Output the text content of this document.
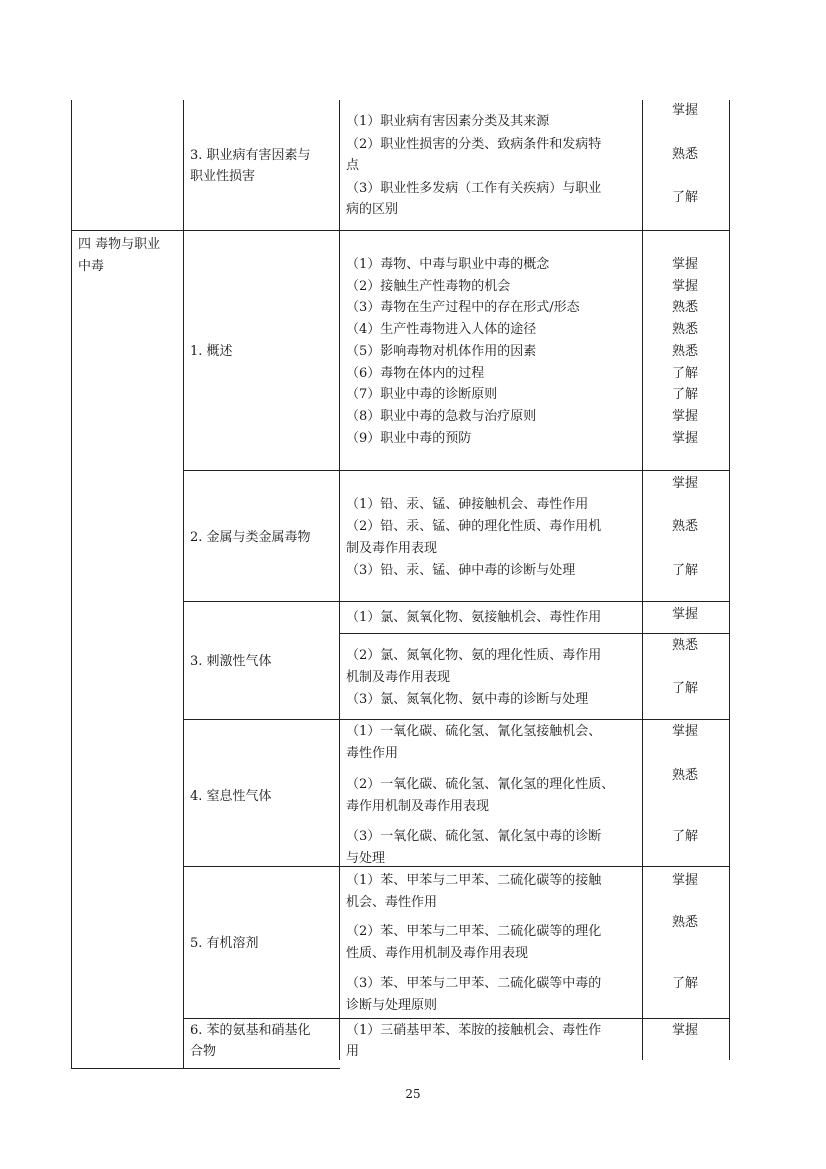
3. 职业病有害因素与
职业性损害
（1）职业病有害因素分类及其来源
（2）职业性损害的分类、致病条件和发病特
点
（3）职业性多发病（工作有关疾病）与职业
病的区别
掌握
熟悉
了解
四 毒物与职业
中毒
1. 概述
（1）毒物、中毒与职业中毒的概念
（2）接触生产性毒物的机会
（3）毒物在生产过程中的存在形式/形态
（4）生产性毒物进入人体的途径
（5）影响毒物对机体作用的因素
（6）毒物在体内的过程
（7）职业中毒的诊断原则
（8）职业中毒的急救与治疗原则
（9）职业中毒的预防
掌握
掌握
熟悉
熟悉
熟悉
了解
了解
掌握
掌握
2. 金属与类金属毒物
（1）铅、汞、锰、砷接触机会、毒性作用
（2）铅、汞、锰、砷的理化性质、毒作用机
制及毒作用表现
（3）铅、汞、锰、砷中毒的诊断与处理
掌握
熟悉
了解
3. 刺激性气体
（1）氯、氮氧化物、氨接触机会、毒性作用
（2）氯、氮氧化物、氨的理化性质、毒作用
机制及毒作用表现
（3）氯、氮氧化物、氨中毒的诊断与处理
掌握
熟悉
了解
4. 窒息性气体
（1）一氧化碳、硫化氢、氰化氢接触机会、
毒性作用
（2）一氧化碳、硫化氢、氰化氢的理化性质、
毒作用机制及毒作用表现
（3）一氧化碳、硫化氢、氰化氢中毒的诊断
与处理
掌握
熟悉
了解
5. 有机溶剂
（1）苯、甲苯与二甲苯、二硫化碳等的接触
机会、毒性作用
（2）苯、甲苯与二甲苯、二硫化碳等的理化
性质、毒作用机制及毒作用表现
（3）苯、甲苯与二甲苯、二硫化碳等中毒的
诊断与处理原则
掌握
熟悉
了解
6. 苯的氨基和硝基化
合物
（1）三硝基甲苯、苯胺的接触机会、毒性作
用
掌握
25
